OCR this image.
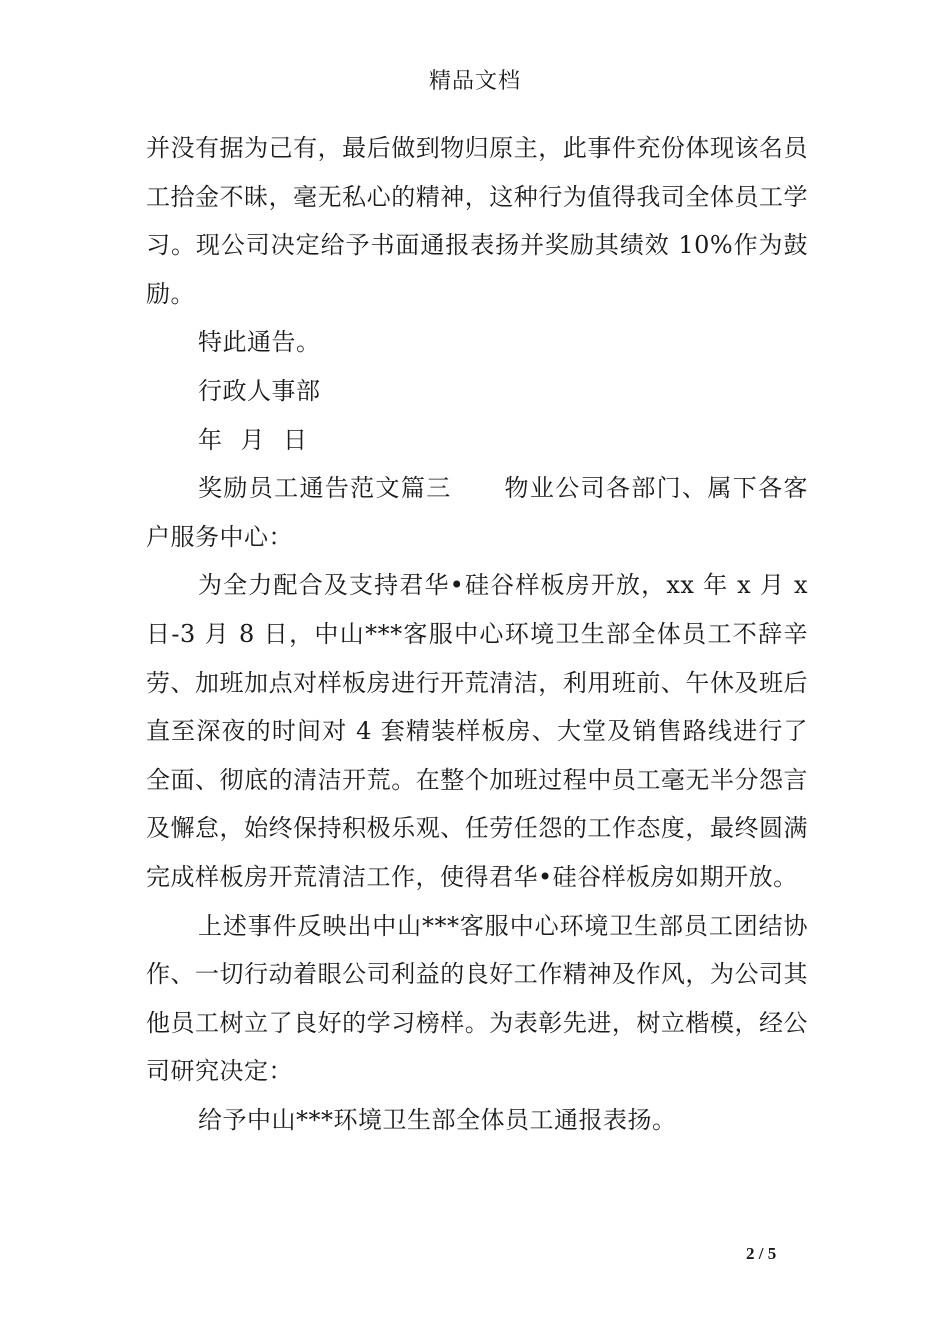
精品文档

并没有据为己有，最后做到物归原主，此事件充份体现该名员工拾金不昧，毫无私心的精神，这种行为值得我司全体员工学习。现公司决定给予书面通报表扬并奖励其绩效 10%作为鼓励。

特此通告。

行政人事部

年 月 日

奖励员工通告范文篇三 物业公司各部门、属下各客户服务中心：

为全力配合及支持君华•硅谷样板房开放，xx 年 x 月 x 日-3 月 8 日，中山***客服中心环境卫生部全体员工不辞辛劳、加班加点对样板房进行开荒清洁，利用班前、午休及班后直至深夜的时间对 4 套精装样板房、大堂及销售路线进行了全面、彻底的清洁开荒。在整个加班过程中员工毫无半分怨言及懈怠，始终保持积极乐观、任劳任怨的工作态度，最终圆满完成样板房开荒清洁工作，使得君华•硅谷样板房如期开放。

上述事件反映出中山***客服中心环境卫生部员工团结协作、一切行动着眼公司利益的良好工作精神及作风，为公司其他员工树立了良好的学习榜样。为表彰先进，树立楷模，经公司研究决定：

给予中山***环境卫生部全体员工通报表扬。

2 / 5
